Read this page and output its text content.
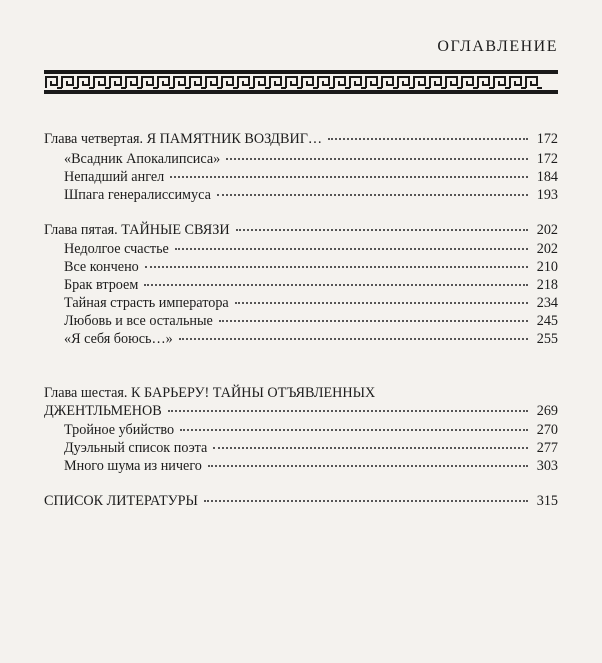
ОГЛАВЛЕНИЕ
Глава четвертая. Я ПАМЯТНИК ВОЗДВИГ…	172
«Всадник Апокалипсиса»	172
Непадший ангел	184
Шпага генералиссимуса	193
Глава пятая. ТАЙНЫЕ СВЯЗИ	202
Недолгое счастье	202
Все кончено	210
Брак втроем	218
Тайная страсть императора	234
Любовь и все остальные	245
«Я себя боюсь…»	255
Глава шестая. К БАРЬЕРУ! ТАЙНЫ ОТЪЯВЛЕННЫХ
ДЖЕНТЛЬМЕНОВ	269
Тройное убийство	270
Дуэльный список поэта	277
Много шума из ничего	303
СПИСОК ЛИТЕРАТУРЫ	315
